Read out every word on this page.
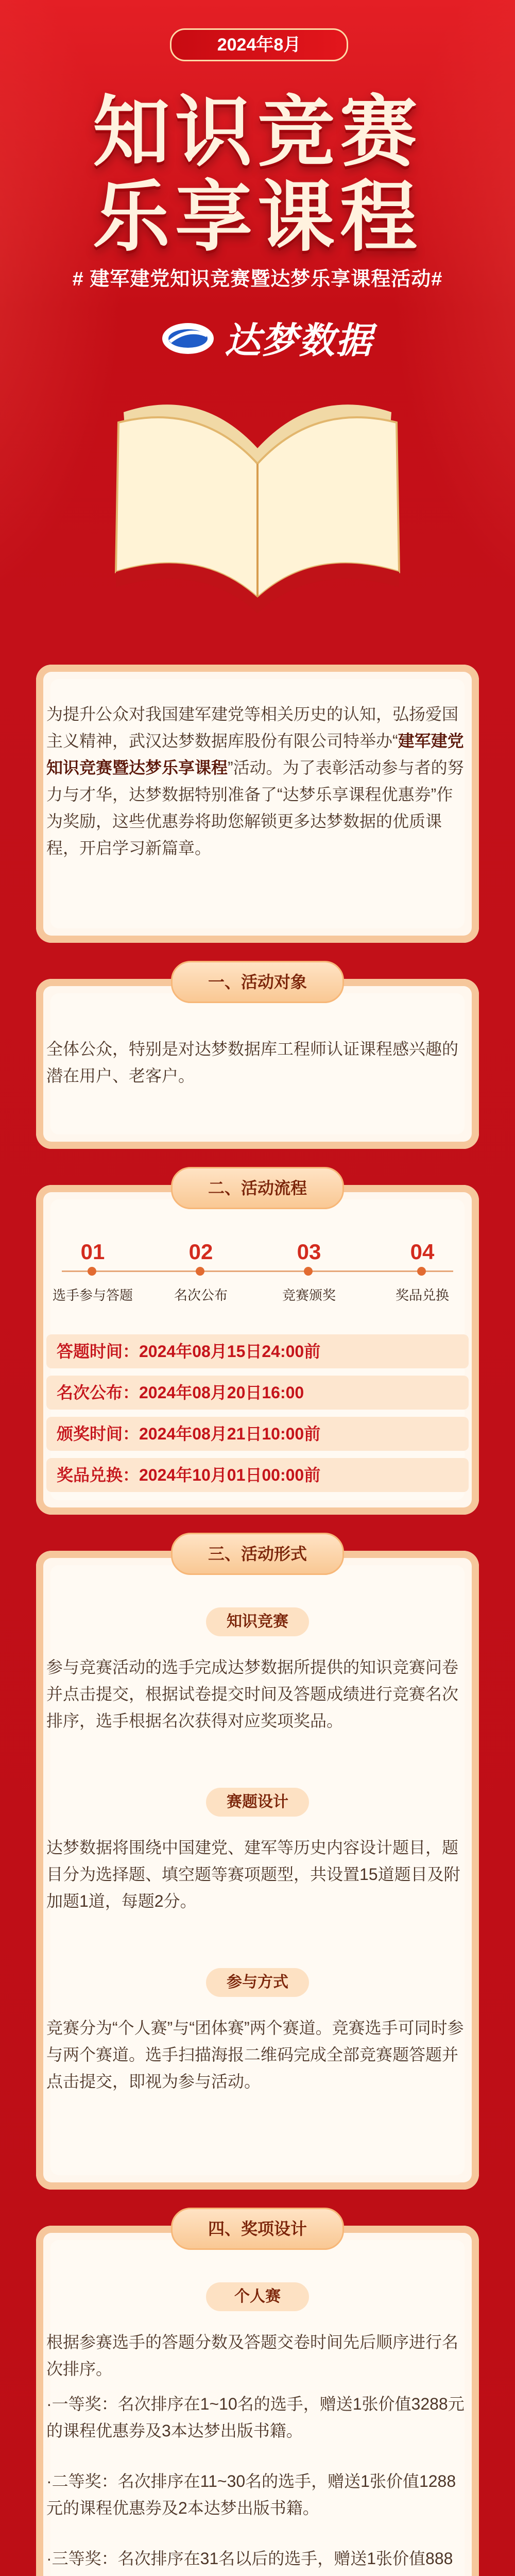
2024年8月
知识竞赛
乐享课程
# 建军建党知识竞赛暨达梦乐享课程活动#
达梦数据
为提升公众对我国建军建党等相关历史的认知，弘扬爱国主义精神，武汉达梦数据库股份有限公司特举办“建军建党知识竞赛暨达梦乐享课程”活动。为了表彰活动参与者的努力与才华，达梦数据特别准备了“达梦乐享课程优惠券”作为奖励，这些优惠券将助您解锁更多达梦数据的优质课程，开启学习新篇章。
一、活动对象
全体公众，特别是对达梦数据库工程师认证课程感兴趣的潜在用户、老客户。
二、活动流程
01
选手参与答题
02
名次公布
03
竞赛颁奖
04
奖品兑换
答题时间：2024年08月15日24:00前
名次公布：2024年08月20日16:00
颁奖时间：2024年08月21日10:00前
奖品兑换：2024年10月01日00:00前
三、活动形式
知识竞赛
参与竞赛活动的选手完成达梦数据所提供的知识竞赛问卷并点击提交，根据试卷提交时间及答题成绩进行竞赛名次排序，选手根据名次获得对应奖项奖品。
赛题设计
达梦数据将围绕中国建党、建军等历史内容设计题目，题目分为选择题、填空题等赛项题型，共设置15道题目及附加题1道，每题2分。
参与方式
竞赛分为“个人赛”与“团体赛”两个赛道。竞赛选手可同时参与两个赛道。选手扫描海报二维码完成全部竞赛题答题并点击提交，即视为参与活动。
四、奖项设计
个人赛
根据参赛选手的答题分数及答题交卷时间先后顺序进行名次排序。
·一等奖：名次排序在1~10名的选手，赠送1张价值3288元的课程优惠券及3本达梦出版书籍。
·二等奖：名次排序在11~30名的选手，赠送1张价值1288元的课程优惠券及2本达梦出版书籍。
·三等奖：名次排序在31名以后的选手，赠送1张价值888
